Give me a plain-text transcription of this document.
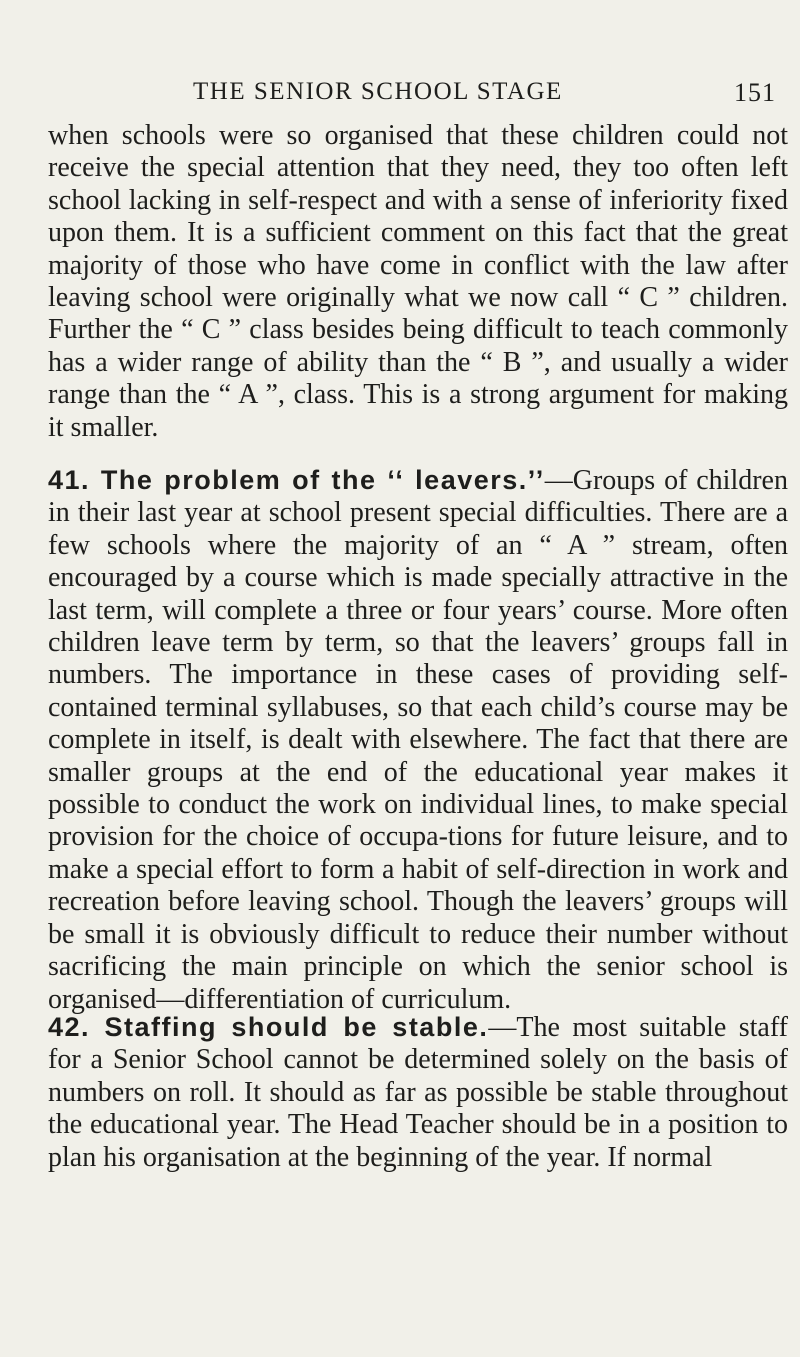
THE SENIOR SCHOOL STAGE	151
when schools were so organised that these children could not receive the special attention that they need, they too often left school lacking in self-respect and with a sense of inferiority fixed upon them. It is a sufficient comment on this fact that the great majority of those who have come in conflict with the law after leaving school were originally what we now call “ C ” children. Further the “ C ” class besides being difficult to teach commonly has a wider range of ability than the “ B ”, and usually a wider range than the “ A ”, class. This is a strong argument for making it smaller.
41. The problem of the ‘‘ leavers.’’—Groups of children in their last year at school present special difficulties. There are a few schools where the majority of an “ A ” stream, often encouraged by a course which is made specially attractive in the last term, will complete a three or four years’ course. More often children leave term by term, so that the leavers’ groups fall in numbers. The importance in these cases of providing self-contained terminal syllabuses, so that each child’s course may be complete in itself, is dealt with elsewhere. The fact that there are smaller groups at the end of the educational year makes it possible to conduct the work on individual lines, to make special provision for the choice of occupa-tions for future leisure, and to make a special effort to form a habit of self-direction in work and recreation before leaving school. Though the leavers’ groups will be small it is obviously difficult to reduce their number without sacrificing the main principle on which the senior school is organised—differentiation of curriculum.
42. Staffing should be stable.—The most suitable staff for a Senior School cannot be determined solely on the basis of numbers on roll. It should as far as possible be stable throughout the educational year. The Head Teacher should be in a position to plan his organisation at the beginning of the year. If normal
